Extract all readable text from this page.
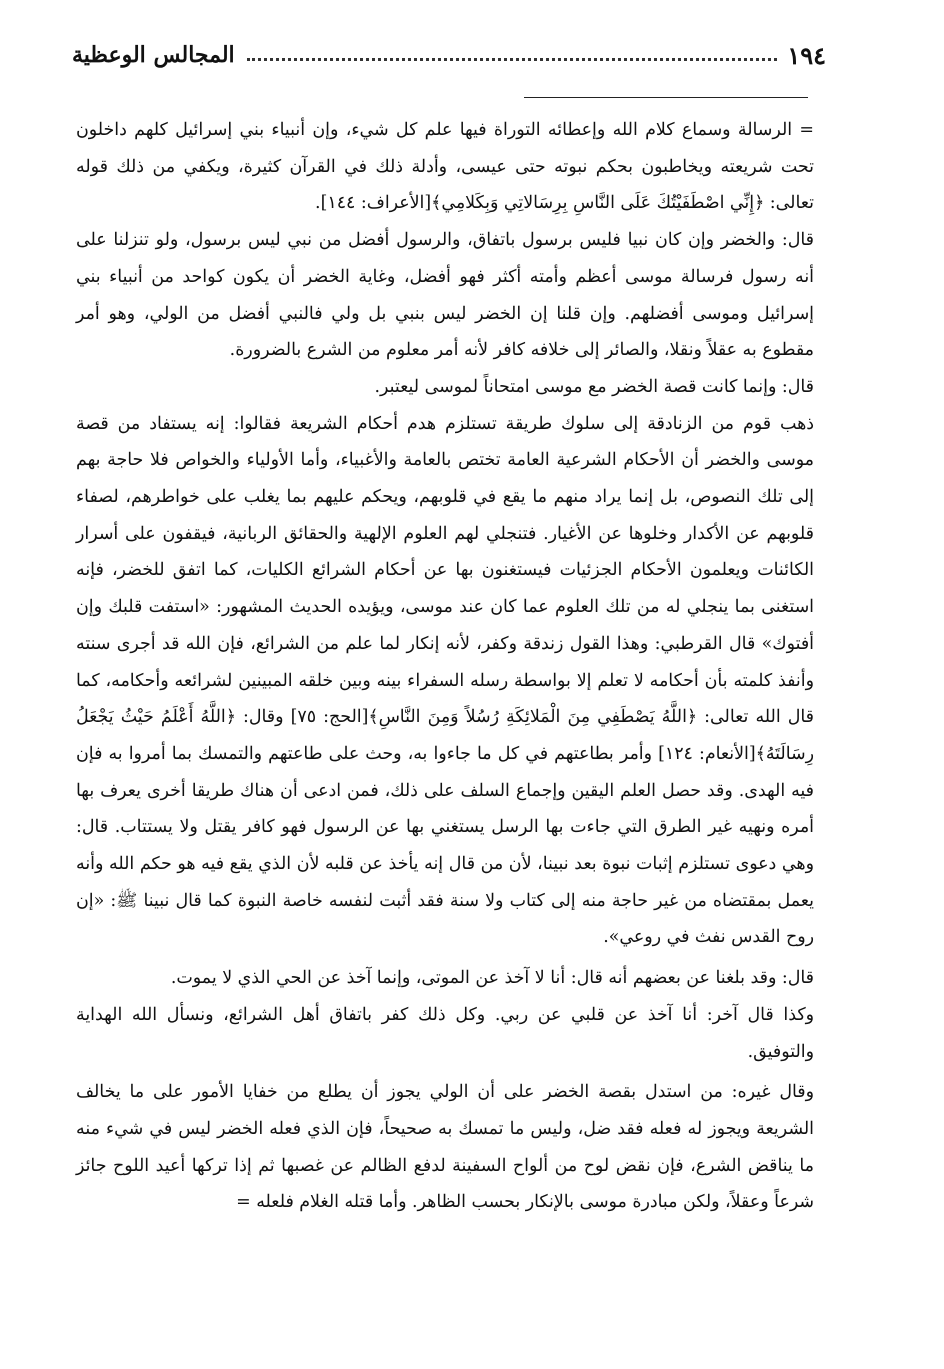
١٩٤
المجالس الوعظية

= الرسالة وسماع كلام الله وإعطائه التوراة فيها علم كل شيء، وإن أنبياء بني إسرائيل كلهم داخلون تحت شريعته ويخاطبون بحكم نبوته حتى عيسى، وأدلة ذلك في القرآن كثيرة، ويكفي من ذلك قوله تعالى: ﴿إِنِّي اصْطَفَيْتُكَ عَلَى النَّاسِ بِرِسَالاتِي وَبِكَلامِي﴾[الأعراف: ١٤٤].

قال: والخضر وإن كان نبيا فليس برسول باتفاق، والرسول أفضل من نبي ليس برسول، ولو تنزلنا على أنه رسول فرسالة موسى أعظم وأمته أكثر فهو أفضل، وغاية الخضر أن يكون كواحد من أنبياء بني إسرائيل وموسى أفضلهم. وإن قلنا إن الخضر ليس بنبي بل ولي فالنبي أفضل من الولي، وهو أمر مقطوع به عقلاً ونقلا، والصائر إلى خلافه كافر لأنه أمر معلوم من الشرع بالضرورة.

قال: وإنما كانت قصة الخضر مع موسى امتحاناً لموسى ليعتبر.

ذهب قوم من الزنادقة إلى سلوك طريقة تستلزم هدم أحكام الشريعة فقالوا: إنه يستفاد من قصة موسى والخضر أن الأحكام الشرعية العامة تختص بالعامة والأغبياء، وأما الأولياء والخواص فلا حاجة بهم إلى تلك النصوص، بل إنما يراد منهم ما يقع في قلوبهم، ويحكم عليهم بما يغلب على خواطرهم، لصفاء قلوبهم عن الأكدار وخلوها عن الأغيار. فتنجلي لهم العلوم الإلهية والحقائق الربانية، فيقفون على أسرار الكائنات ويعلمون الأحكام الجزئيات فيستغنون بها عن أحكام الشرائع الكليات، كما اتفق للخضر، فإنه استغنى بما ينجلي له من تلك العلوم عما كان عند موسى، ويؤيده الحديث المشهور: «استفت قلبك وإن أفتوك» قال القرطبي: وهذا القول زندقة وكفر، لأنه إنكار لما علم من الشرائع، فإن الله قد أجرى سنته وأنفذ كلمته بأن أحكامه لا تعلم إلا بواسطة رسله السفراء بينه وبين خلقه المبينين لشرائعه وأحكامه، كما قال الله تعالى: ﴿اللَّهُ يَصْطَفِي مِنَ الْمَلائِكَةِ رُسُلاً وَمِنَ النَّاسِ﴾[الحج: ٧٥] وقال: ﴿اللَّهُ أَعْلَمُ حَيْثُ يَجْعَلُ رِسَالَتَهُ﴾[الأنعام: ١٢٤] وأمر بطاعتهم في كل ما جاءوا به، وحث على طاعتهم والتمسك بما أمروا به فإن فيه الهدى. وقد حصل العلم اليقين وإجماع السلف على ذلك، فمن ادعى أن هناك طريقا أخرى يعرف بها أمره ونهيه غير الطرق التي جاءت بها الرسل يستغني بها عن الرسول فهو كافر يقتل ولا يستتاب. قال: وهي دعوى تستلزم إثبات نبوة بعد نبينا، لأن من قال إنه يأخذ عن قلبه لأن الذي يقع فيه هو حكم الله وأنه يعمل بمقتضاه من غير حاجة منه إلى كتاب ولا سنة فقد أثبت لنفسه خاصة النبوة كما قال نبينا ﷺ: «إن روح القدس نفث في روعي».

قال: وقد بلغنا عن بعضهم أنه قال: أنا لا آخذ عن الموتى، وإنما آخذ عن الحي الذي لا يموت.

وكذا قال آخر: أنا آخذ عن قلبي عن ربي. وكل ذلك كفر باتفاق أهل الشرائع، ونسأل الله الهداية والتوفيق.

وقال غيره: من استدل بقصة الخضر على أن الولي يجوز أن يطلع من خفايا الأمور على ما يخالف الشريعة ويجوز له فعله فقد ضل، وليس ما تمسك به صحيحاً، فإن الذي فعله الخضر ليس في شيء منه ما يناقض الشرع، فإن نقض لوح من ألواح السفينة لدفع الظالم عن غصبها ثم إذا تركها أعيد اللوح جائز شرعاً وعقلاً، ولكن مبادرة موسى بالإنكار بحسب الظاهر. وأما قتله الغلام فلعله =
